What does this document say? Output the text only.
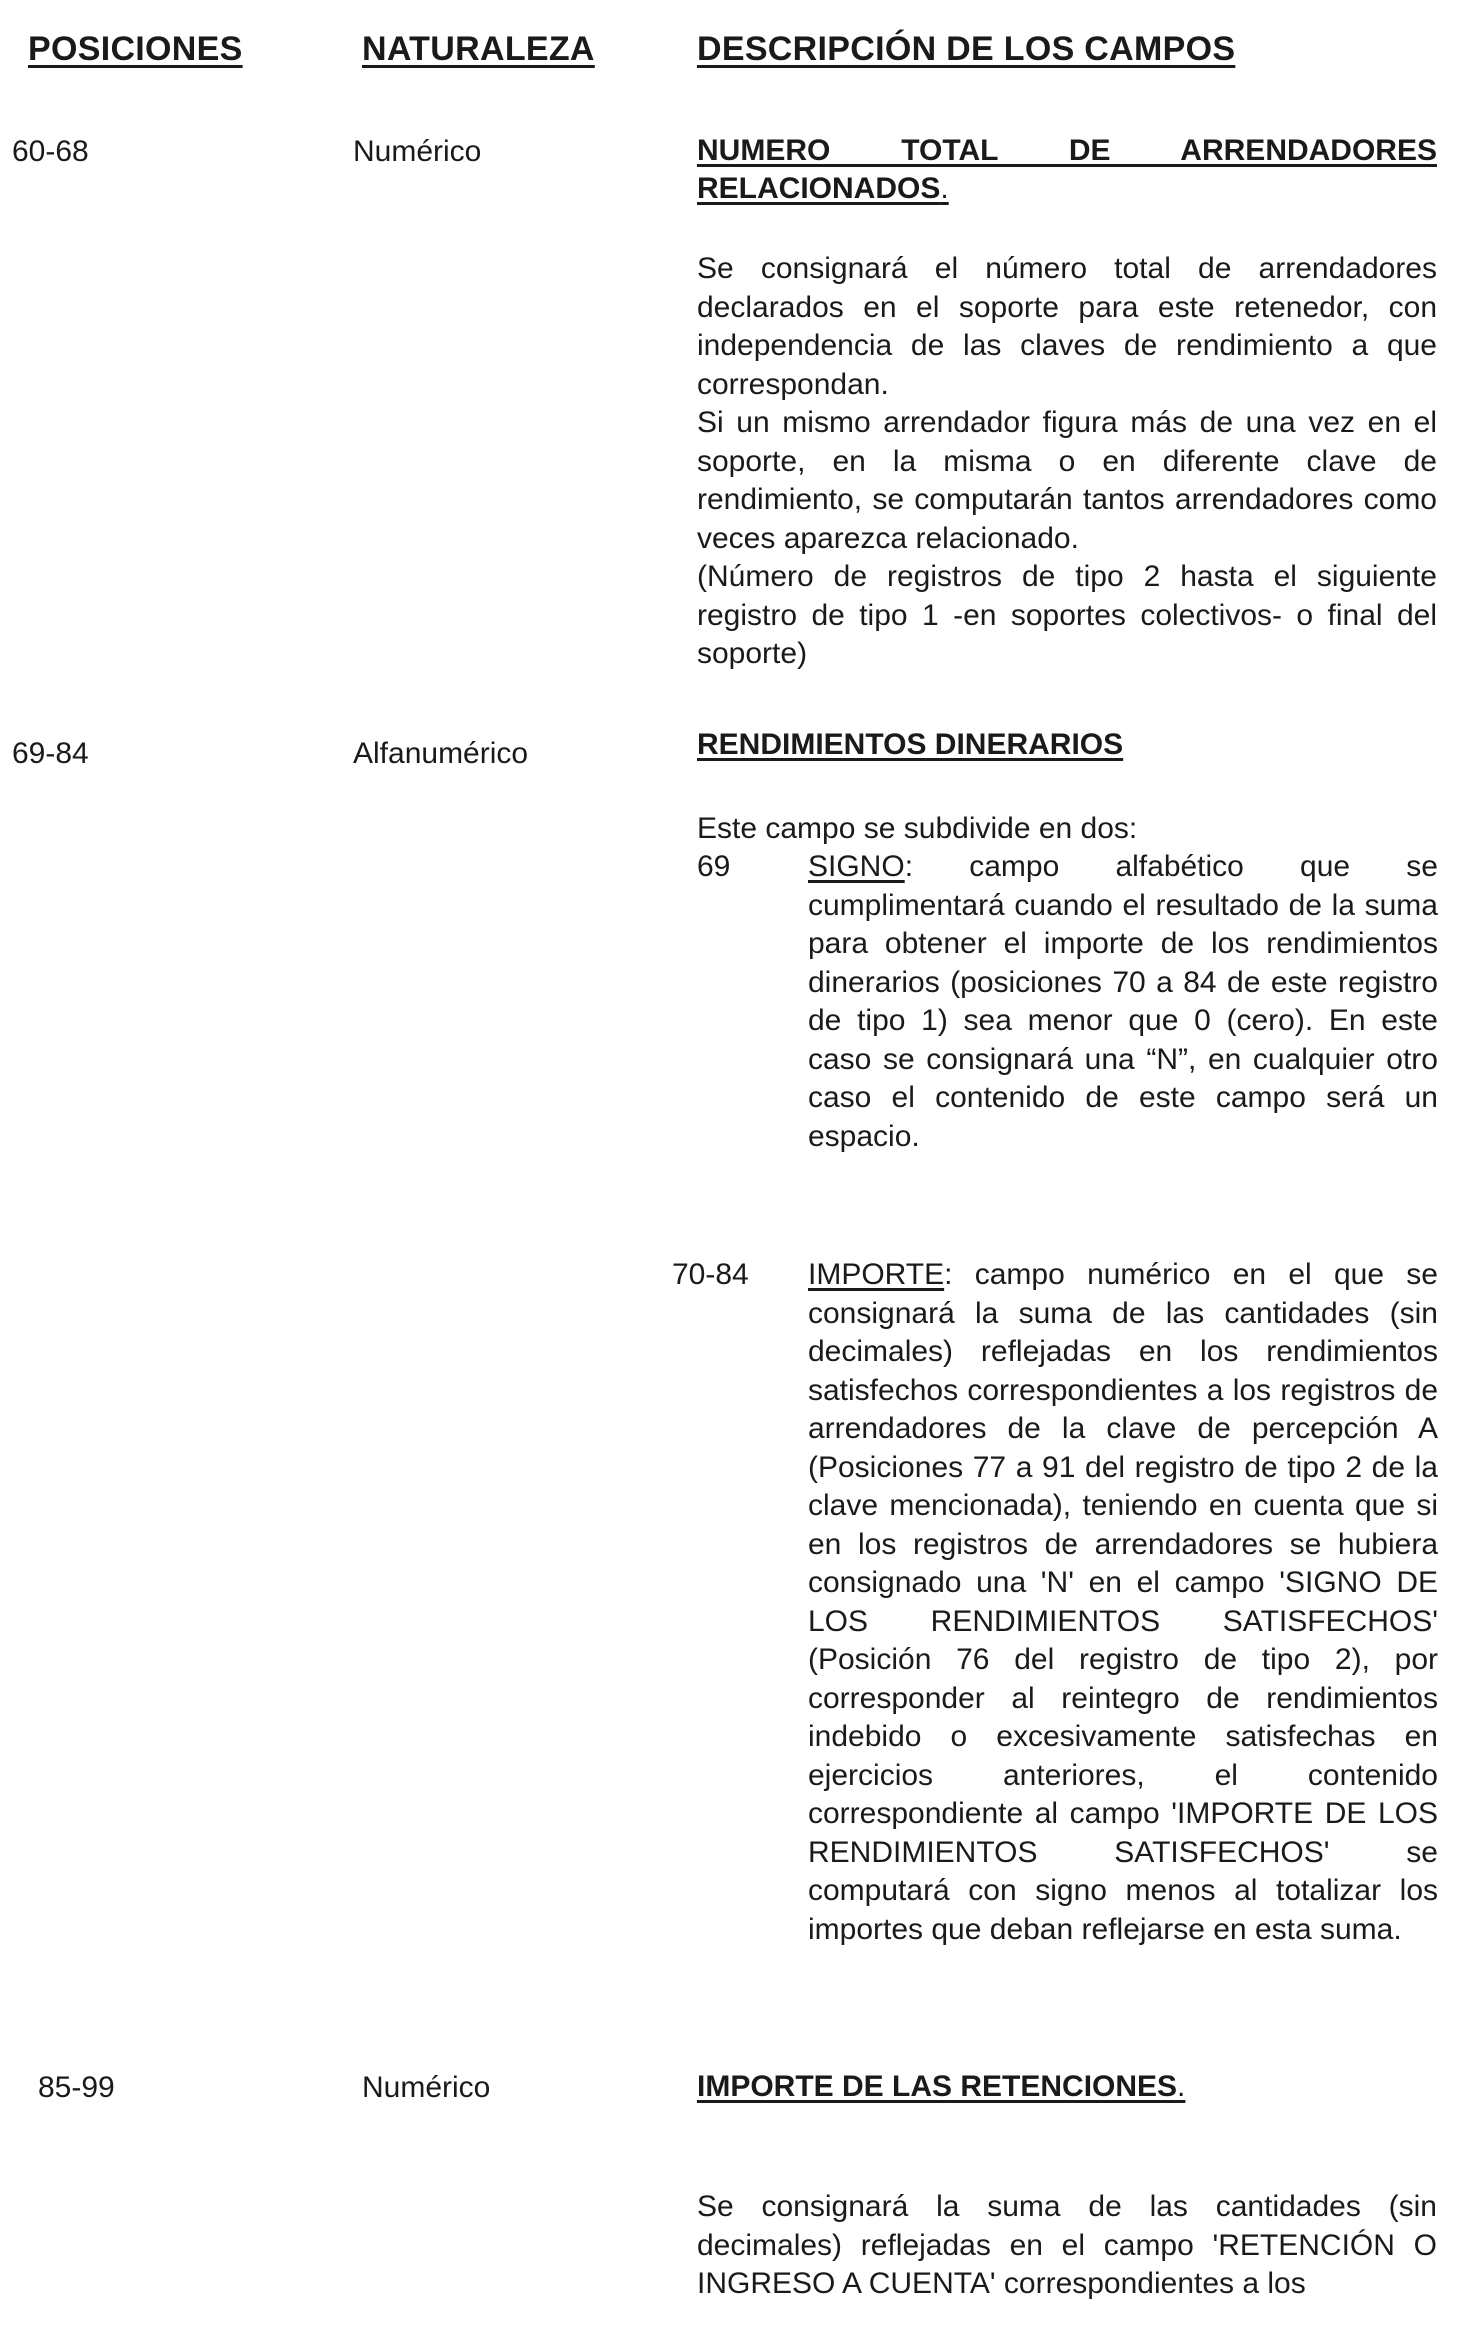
POSICIONES	NATURALEZA	DESCRIPCIÓN DE LOS CAMPOS
60-68	Numérico	NUMERO TOTAL DE ARRENDADORES RELACIONADOS.

Se consignará el número total de arrendadores declarados en el soporte para este retenedor, con independencia de las claves de rendimiento a que correspondan.

Si un mismo arrendador figura más de una vez en el soporte, en la misma o en diferente clave de rendimiento, se computarán tantos arrendadores como veces aparezca relacionado.

(Número de registros de tipo 2 hasta el siguiente registro de tipo 1 -en soportes colectivos- o final del soporte)

69-84	Alfanumérico	RENDIMIENTOS DINERARIOS
Este campo se subdivide en dos:
69	SIGNO: campo alfabético que se cumplimentará cuando el resultado de la suma para obtener el importe de los rendimientos dinerarios (posiciones 70 a 84 de este registro de tipo 1) sea menor que 0 (cero). En este caso se consignará una “N”, en cualquier otro caso el contenido de este campo será un espacio.
70-84 IMPORTE: campo numérico en el que se consignará la suma de las cantidades (sin decimales) reflejadas en los rendimientos satisfechos correspondientes a los registros de arrendadores de la clave de percepción A (Posiciones 77 a 91 del registro de tipo 2 de la clave mencionada), teniendo en cuenta que si en los registros de arrendadores se hubiera consignado una 'N' en el campo 'SIGNO DE LOS RENDIMIENTOS SATISFECHOS' (Posición 76 del registro de tipo 2), por corresponder al reintegro de rendimientos indebido o excesivamente satisfechas en ejercicios anteriores, el contenido correspondiente al campo 'IMPORTE DE LOS RENDIMIENTOS SATISFECHOS' se computará con signo menos al totalizar los importes que deban reflejarse en esta suma.
85-99	Numérico	IMPORTE DE LAS RETENCIONES.

Se consignará la suma de las cantidades (sin decimales) reflejadas en el campo 'RETENCIÓN O INGRESO A CUENTA' correspondientes a los
